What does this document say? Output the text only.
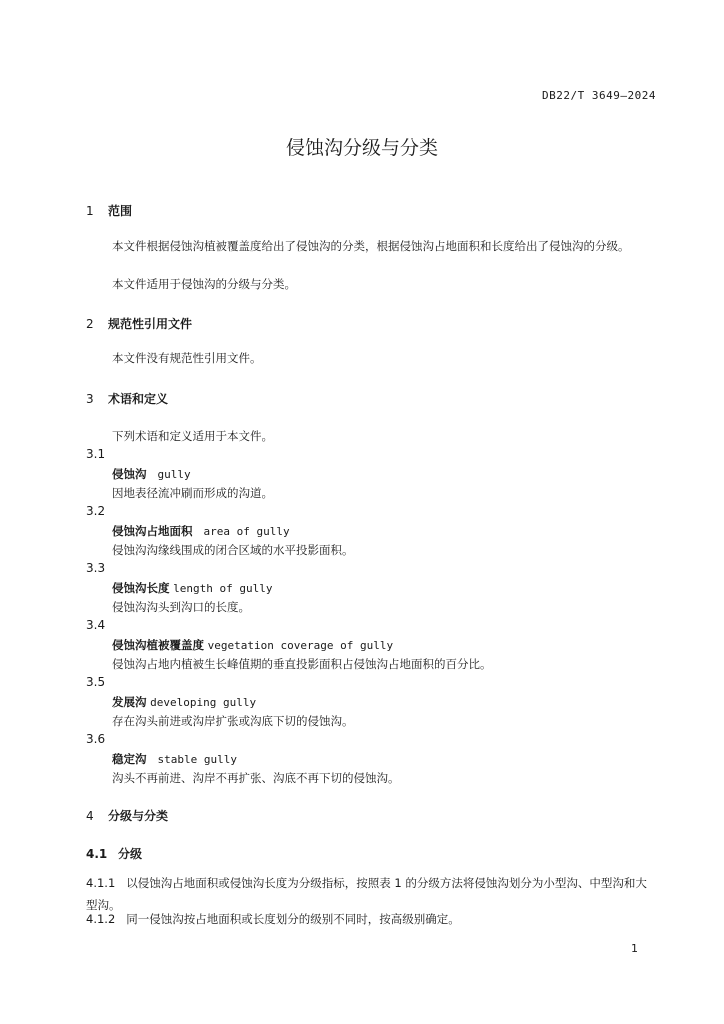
DB22/T 3649—2024
侵蚀沟分级与分类
1 范围
本文件根据侵蚀沟植被覆盖度给出了侵蚀沟的分类，根据侵蚀沟占地面积和长度给出了侵蚀沟的分级。
本文件适用于侵蚀沟的分级与分类。
2 规范性引用文件
本文件没有规范性引用文件。
3 术语和定义
下列术语和定义适用于本文件。
3.1
侵蚀沟 gully
因地表径流冲刷而形成的沟道。
3.2
侵蚀沟占地面积 area of gully
侵蚀沟沟缘线围成的闭合区域的水平投影面积。
3.3
侵蚀沟长度 length of gully
侵蚀沟沟头到沟口的长度。
3.4
侵蚀沟植被覆盖度 vegetation coverage of gully
侵蚀沟占地内植被生长峰值期的垂直投影面积占侵蚀沟占地面积的百分比。
3.5
发展沟 developing gully
存在沟头前进或沟岸扩张或沟底下切的侵蚀沟。
3.6
稳定沟 stable gully
沟头不再前进、沟岸不再扩张、沟底不再下切的侵蚀沟。
4 分级与分类
4.1 分级
4.1.1 以侵蚀沟占地面积或侵蚀沟长度为分级指标，按照表 1 的分级方法将侵蚀沟划分为小型沟、中型沟和大型沟。
4.1.2 同一侵蚀沟按占地面积或长度划分的级别不同时，按高级别确定。
1
